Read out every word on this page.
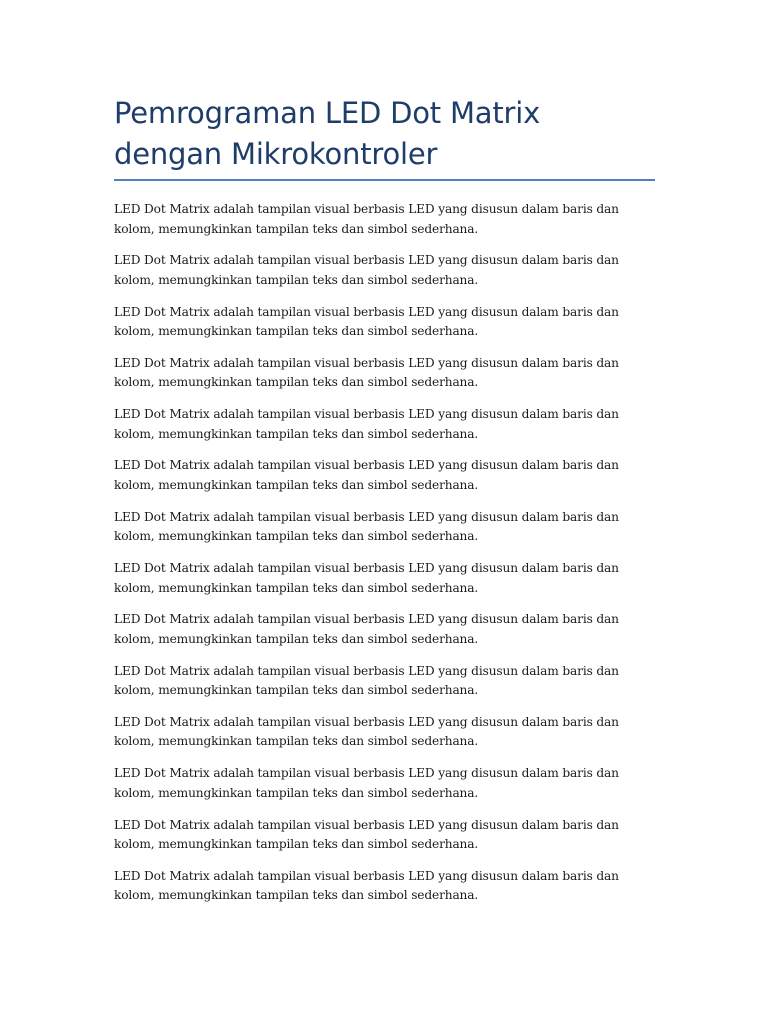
Pemrograman LED Dot Matrix dengan Mikrokontroler

LED Dot Matrix adalah tampilan visual berbasis LED yang disusun dalam baris dan kolom, memungkinkan tampilan teks dan simbol sederhana.

LED Dot Matrix adalah tampilan visual berbasis LED yang disusun dalam baris dan kolom, memungkinkan tampilan teks dan simbol sederhana.

LED Dot Matrix adalah tampilan visual berbasis LED yang disusun dalam baris dan kolom, memungkinkan tampilan teks dan simbol sederhana.

LED Dot Matrix adalah tampilan visual berbasis LED yang disusun dalam baris dan kolom, memungkinkan tampilan teks dan simbol sederhana.

LED Dot Matrix adalah tampilan visual berbasis LED yang disusun dalam baris dan kolom, memungkinkan tampilan teks dan simbol sederhana.

LED Dot Matrix adalah tampilan visual berbasis LED yang disusun dalam baris dan kolom, memungkinkan tampilan teks dan simbol sederhana.

LED Dot Matrix adalah tampilan visual berbasis LED yang disusun dalam baris dan kolom, memungkinkan tampilan teks dan simbol sederhana.

LED Dot Matrix adalah tampilan visual berbasis LED yang disusun dalam baris dan kolom, memungkinkan tampilan teks dan simbol sederhana.

LED Dot Matrix adalah tampilan visual berbasis LED yang disusun dalam baris dan kolom, memungkinkan tampilan teks dan simbol sederhana.

LED Dot Matrix adalah tampilan visual berbasis LED yang disusun dalam baris dan kolom, memungkinkan tampilan teks dan simbol sederhana.

LED Dot Matrix adalah tampilan visual berbasis LED yang disusun dalam baris dan kolom, memungkinkan tampilan teks dan simbol sederhana.

LED Dot Matrix adalah tampilan visual berbasis LED yang disusun dalam baris dan kolom, memungkinkan tampilan teks dan simbol sederhana.

LED Dot Matrix adalah tampilan visual berbasis LED yang disusun dalam baris dan kolom, memungkinkan tampilan teks dan simbol sederhana.

LED Dot Matrix adalah tampilan visual berbasis LED yang disusun dalam baris dan kolom, memungkinkan tampilan teks dan simbol sederhana.
